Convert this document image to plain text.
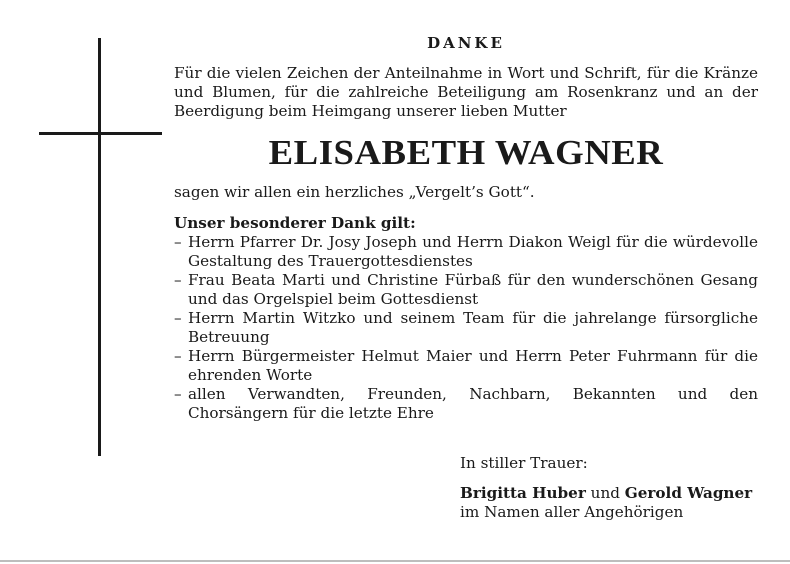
DANKE

Für die vielen Zeichen der Anteilnahme in Wort und Schrift, für die Kränze und Blumen, für die zahlreiche Beteiligung am Rosenkranz und an der Beerdigung beim Heimgang unserer lieben Mutter

ELISABETH WAGNER

sagen wir allen ein herzliches „Vergelt’s Gott“.

Unser besonderer Dank gilt:

– Herrn Pfarrer Dr. Josy Joseph und Herrn Diakon Weigl für die würdevolle Gestaltung des Trauergottesdienstes
– Frau Beata Marti und Christine Fürbaß für den wunderschönen Gesang und das Orgelspiel beim Gottesdienst
– Herrn Martin Witzko und seinem Team für die jahrelange fürsorgliche Betreuung
– Herrn Bürgermeister Helmut Maier und Herrn Peter Fuhrmann für die ehrenden Worte
– allen Verwandten, Freunden, Nachbarn, Bekannten und den Chorsängern für die letzte Ehre
In stiller Trauer:
Brigitta Huber und Gerold Wagner
im Namen aller Angehörigen
